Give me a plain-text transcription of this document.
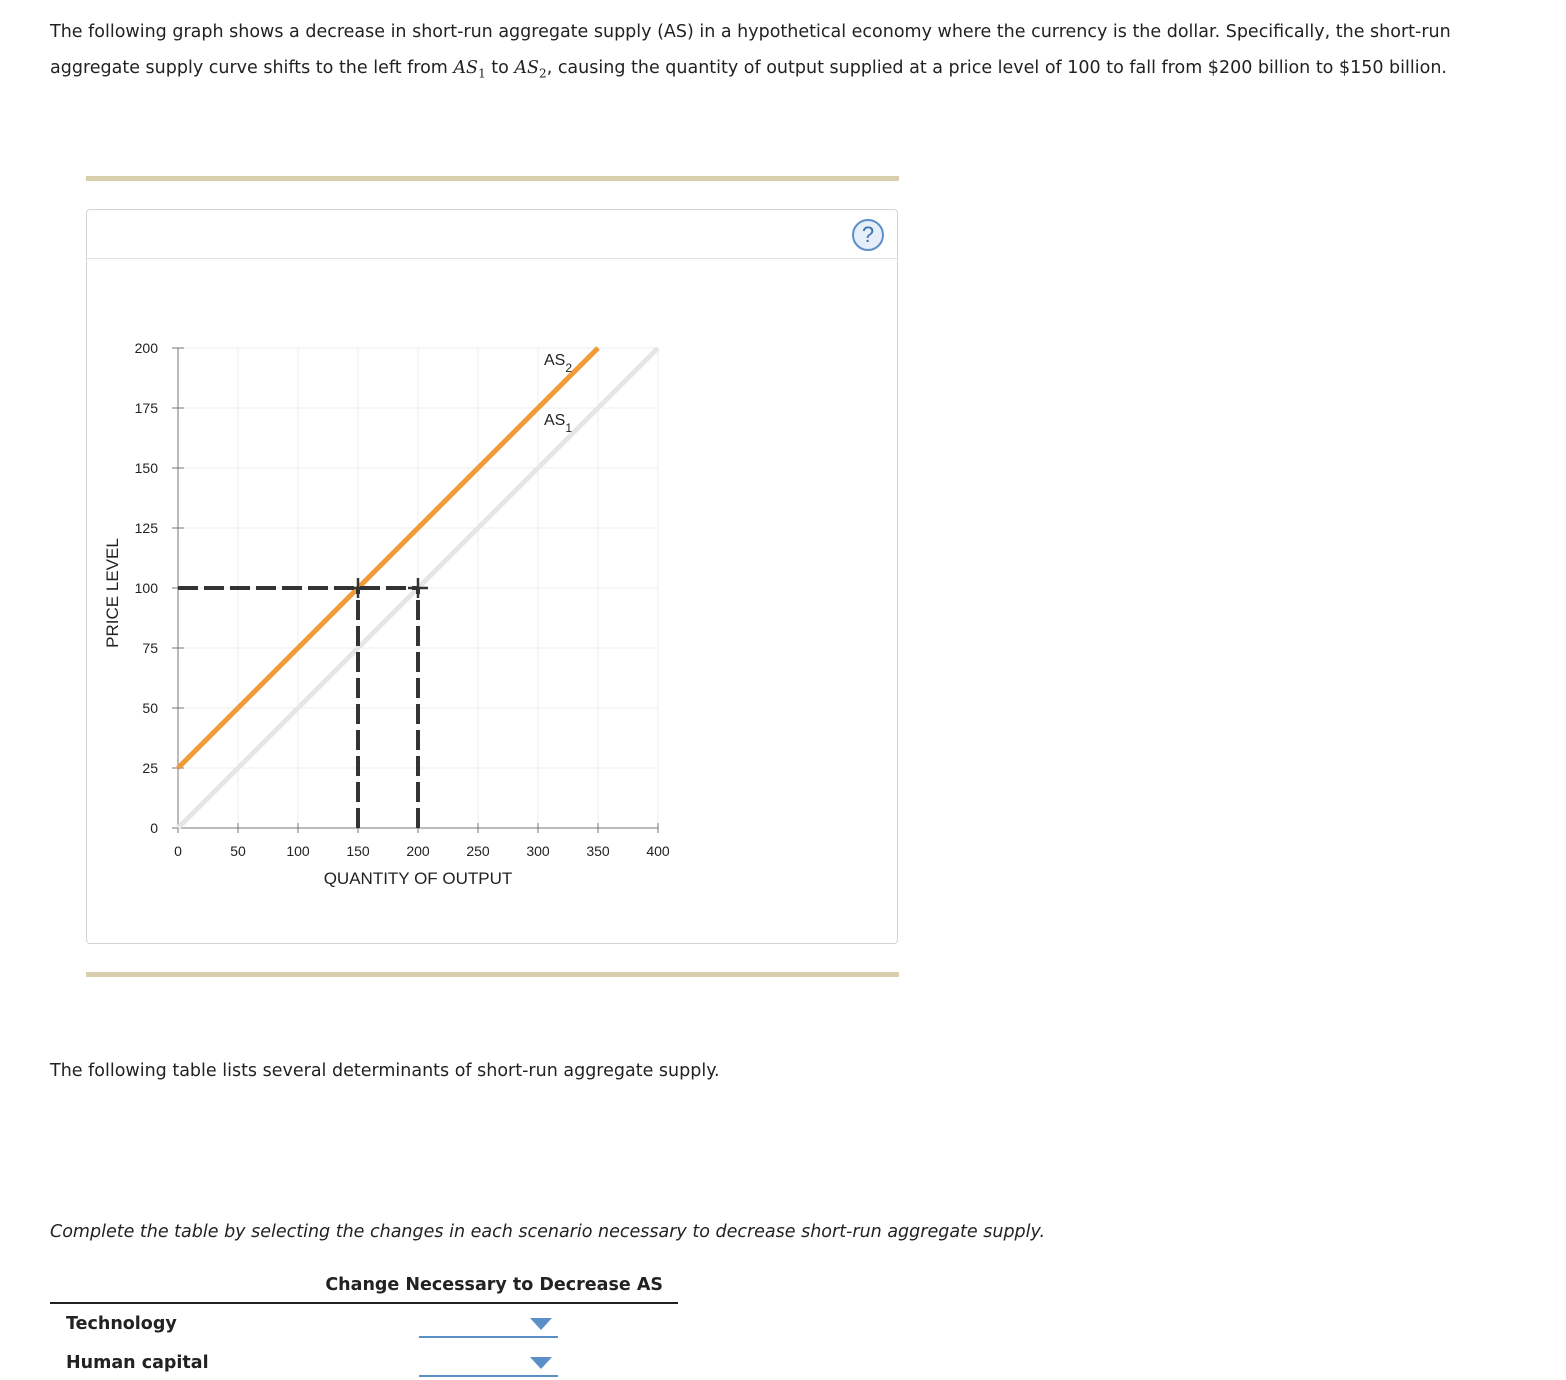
The following graph shows a decrease in short-run aggregate supply (AS) in a hypothetical economy where the currency is the dollar. Specifically, the short-run aggregate supply curve shifts to the left from $AS_1$ to $AS_2$, causing the quantity of output supplied at a price level of 100 to fall from $200 billion to $150 billion.

?
0	50	100	150	200	250	300	350	400
0
25
50
75
100
125
150
175
200
QUANTITY OF OUTPUT
PRICE LEVEL
$AS_1$
$AS_2$

The following table lists several determinants of short-run aggregate supply.

Complete the table by selecting the changes in each scenario necessary to decrease short-run aggregate supply.

Change Necessary to Decrease AS
Technology
Human capital
